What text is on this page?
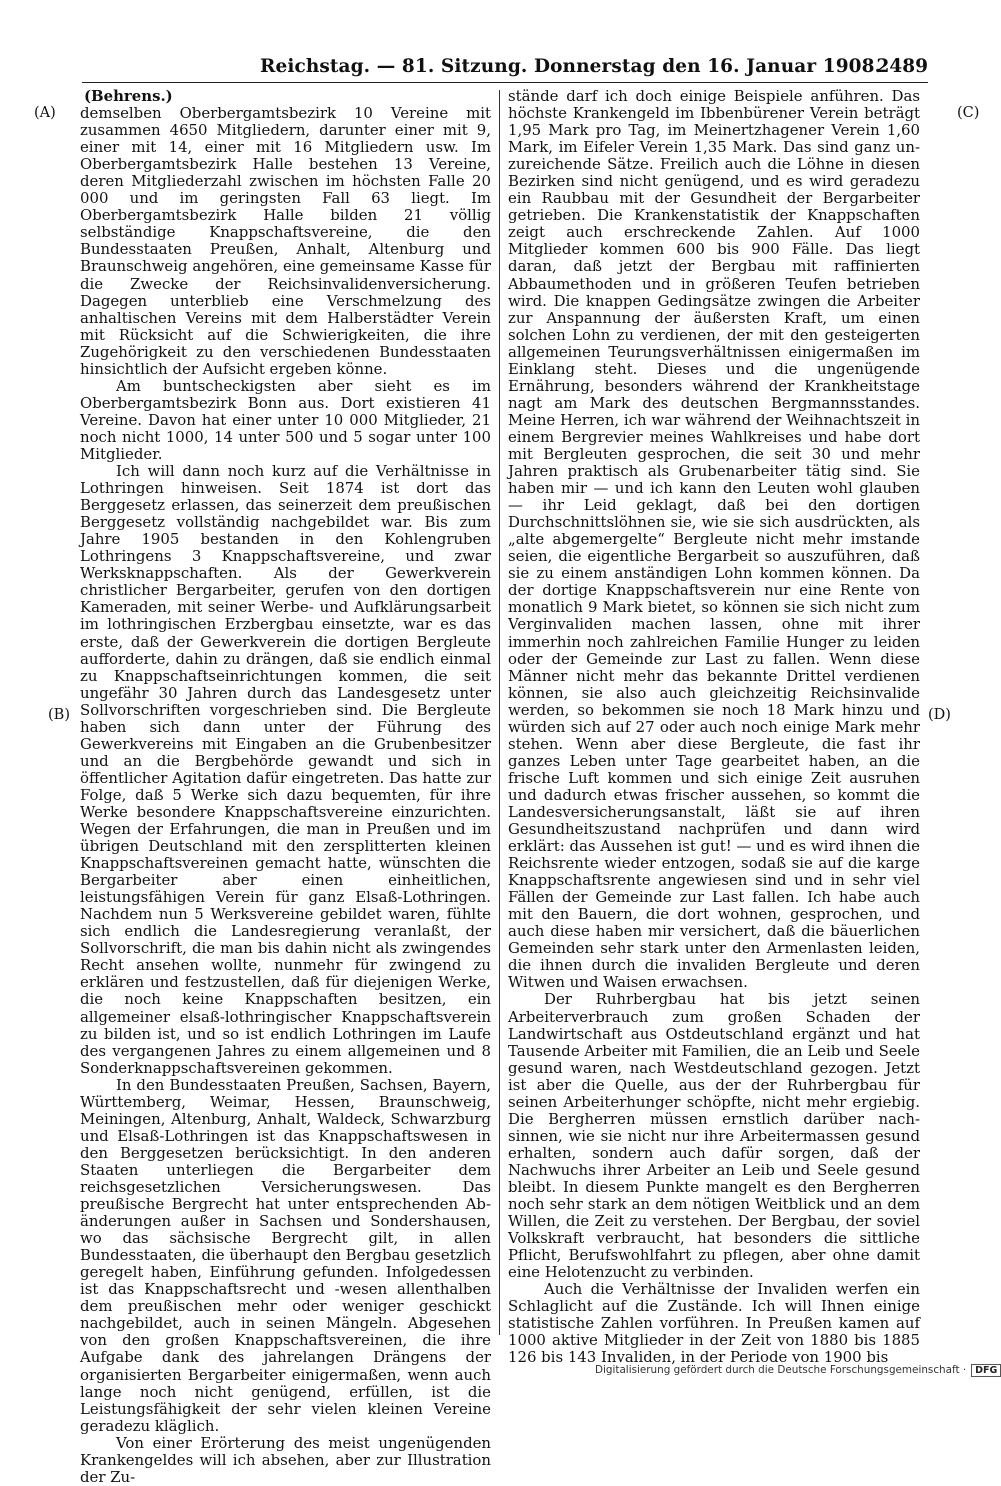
Reichstag. — 81. Sitzung. Donnerstag den 16. Januar 1908.
2489
(A)
(B)
(C)
(D)

(Behrens.)

demselben Oberbergamtsbezirk 10 Vereine mit zusammen 4650 Mitgliedern, darunter einer mit 9, einer mit 14, einer mit 16 Mitgliedern usw. Im Oberbergamtsbezirk Halle bestehen 13 Vereine, deren Mitgliederzahl zwischen im höchsten Falle 20 000 und im geringsten Fall 63 liegt. Im Oberbergamtsbezirk Halle bilden 21 völlig selbständige Knappschaftsvereine, die den Bundesstaaten Preußen, Anhalt, Altenburg und Braunschweig angehören, eine gemeinsame Kasse für die Zwecke der Reichsinvalidenversicherung. Dagegen unterblieb eine Verschmelzung des anhaltischen Vereins mit dem Halberstädter Verein mit Rücksicht auf die Schwierigkeiten, die ihre Zugehörigkeit zu den verschiedenen Bundesstaaten hinsichtlich der Aufsicht ergeben könne.

Am buntscheckigsten aber sieht es im Oberbergamtsbezirk Bonn aus. Dort existieren 41 Vereine. Davon hat einer unter 10 000 Mitglieder, 21 noch nicht 1000, 14 unter 500 und 5 sogar unter 100 Mitglieder.

Ich will dann noch kurz auf die Verhältnisse in Lothringen hinweisen. Seit 1874 ist dort das Berggesetz erlassen, das seinerzeit dem preußischen Berggesetz vollständig nachgebildet war. Bis zum Jahre 1905 bestanden in den Kohlengruben Lothringens 3 Knappschaftsvereine, und zwar Werksknappschaften. Als der Gewerkverein christlicher Bergarbeiter, gerufen von den dortigen Kameraden, mit seiner Werbe- und Aufklärungsarbeit im lothringischen Erzbergbau einsetzte, war es das erste, daß der Gewerkverein die dortigen Bergleute aufforderte, dahin zu drängen, daß sie endlich einmal zu Knappschaftseinrichtungen kommen, die seit ungefähr 30 Jahren durch das Landesgesetz unter Sollvorschriften vorgeschrieben sind. Die Bergleute haben sich dann unter der Führung des Gewerkvereins mit Eingaben an die Grubenbesitzer und an die Bergbehörde gewandt und sich in öffentlicher Agitation dafür eingetreten. Das hatte zur Folge, daß 5 Werke sich dazu bequemten, für ihre Werke besondere Knappschaftsvereine einzurichten. Wegen der Erfahrungen, die man in Preußen und im übrigen Deutschland mit den zersplitterten kleinen Knappschaftsvereinen gemacht hatte, wünschten die Bergarbeiter aber einen einheitlichen, leistungsfähigen Verein für ganz Elsaß-Lothringen. Nachdem nun 5 Werksvereine gebildet waren, fühlte sich endlich die Landesregierung veranlaßt, der Sollvorschrift, die man bis dahin nicht als zwingendes Recht ansehen wollte, nunmehr für zwingend zu erklären und festzustellen, daß für diejenigen Werke, die noch keine Knappschaften besitzen, ein allgemeiner elsaß-lothringischer Knappschaftsverein zu bilden ist, und so ist endlich Lothringen im Laufe des vergangenen Jahres zu einem allgemeinen und 8 Sonderknappschaftsvereinen gekommen.

In den Bundesstaaten Preußen, Sachsen, Bayern, Württemberg, Weimar, Hessen, Braunschweig, Meiningen, Altenburg, Anhalt, Waldeck, Schwarzburg und Elsaß-Lothringen ist das Knappschaftswesen in den Berggesetzen berücksichtigt. In den anderen Staaten unterliegen die Bergarbeiter dem reichsgesetzlichen Versicherungswesen. Das preußische Bergrecht hat unter entsprechenden Abänderungen außer in Sachsen und Sondershausen, wo das sächsische Bergrecht gilt, in allen Bundesstaaten, die überhaupt den Bergbau gesetzlich geregelt haben, Einführung gefunden. Infolgedessen ist das Knappschaftsrecht und -wesen allenthalben dem preußischen mehr oder weniger geschickt nachgebildet, auch in seinen Mängeln. Abgesehen von den großen Knappschaftsvereinen, die ihre Aufgabe dank des jahrelangen Drängens der organisierten Bergarbeiter einigermaßen, wenn auch lange noch nicht genügend, erfüllen, ist die Leistungsfähigkeit der sehr vielen kleinen Vereine geradezu kläglich.

Von einer Erörterung des meist ungenügenden Krankengeldes will ich absehen, aber zur Illustration der Zu-

stände darf ich doch einige Beispiele anführen. Das höchste Krankengeld im Ibbenbürener Verein beträgt 1,95 Mark pro Tag, im Meinertzhagener Verein 1,60 Mark, im Eifeler Verein 1,35 Mark. Das sind ganz unzureichende Sätze. Freilich auch die Löhne in diesen Bezirken sind nicht genügend, und es wird geradezu ein Raubbau mit der Gesundheit der Bergarbeiter getrieben. Die Krankenstatistik der Knappschaften zeigt auch erschreckende Zahlen. Auf 1000 Mitglieder kommen 600 bis 900 Fälle. Das liegt daran, daß jetzt der Bergbau mit raffinierten Abbaumethoden und in größeren Teufen betrieben wird. Die knappen Gedingsätze zwingen die Arbeiter zur Anspannung der äußersten Kraft, um einen solchen Lohn zu verdienen, der mit den gesteigerten allgemeinen Teurungsverhältnissen einigermaßen im Einklang steht. Dieses und die ungenügende Ernährung, besonders während der Krankheitstage nagt am Mark des deutschen Bergmannsstandes. Meine Herren, ich war während der Weihnachtszeit in einem Bergrevier meines Wahlkreises und habe dort mit Bergleuten gesprochen, die seit 30 und mehr Jahren praktisch als Grubenarbeiter tätig sind. Sie haben mir — und ich kann den Leuten wohl glauben — ihr Leid geklagt, daß bei den dortigen Durchschnittslöhnen sie, wie sie sich ausdrückten, als „alte abgemergelte“ Bergleute nicht mehr imstande seien, die eigentliche Bergarbeit so auszuführen, daß sie zu einem anständigen Lohn kommen können. Da der dortige Knappschaftsverein nur eine Rente von monatlich 9 Mark bietet, so können sie sich nicht zum Verginvaliden machen lassen, ohne mit ihrer immerhin noch zahlreichen Familie Hunger zu leiden oder der Gemeinde zur Last zu fallen. Wenn diese Männer nicht mehr das bekannte Drittel verdienen können, sie also auch gleichzeitig Reichsinvalide werden, so bekommen sie noch 18 Mark hinzu und würden sich auf 27 oder auch noch einige Mark mehr stehen. Wenn aber diese Bergleute, die fast ihr ganzes Leben unter Tage gearbeitet haben, an die frische Luft kommen und sich einige Zeit ausruhen und dadurch etwas frischer aussehen, so kommt die Landesversicherungsanstalt, läßt sie auf ihren Gesundheitszustand nachprüfen und dann wird erklärt: das Aussehen ist gut! — und es wird ihnen die Reichsrente wieder entzogen, sodaß sie auf die karge Knappschaftsrente angewiesen sind und in sehr viel Fällen der Gemeinde zur Last fallen. Ich habe auch mit den Bauern, die dort wohnen, gesprochen, und auch diese haben mir versichert, daß die bäuerlichen Gemeinden sehr stark unter den Armenlasten leiden, die ihnen durch die invaliden Bergleute und deren Witwen und Waisen erwachsen.

Der Ruhrbergbau hat bis jetzt seinen Arbeiterverbrauch zum großen Schaden der Landwirtschaft aus Ostdeutschland ergänzt und hat Tausende Arbeiter mit Familien, die an Leib und Seele gesund waren, nach Westdeutschland gezogen. Jetzt ist aber die Quelle, aus der der Ruhrbergbau für seinen Arbeiterhunger schöpfte, nicht mehr ergiebig. Die Bergherren müssen ernstlich darüber nachsinnen, wie sie nicht nur ihre Arbeitermassen gesund erhalten, sondern auch dafür sorgen, daß der Nachwuchs ihrer Arbeiter an Leib und Seele gesund bleibt. In diesem Punkte mangelt es den Bergherren noch sehr stark an dem nötigen Weitblick und an dem Willen, die Zeit zu verstehen. Der Bergbau, der soviel Volkskraft verbraucht, hat besonders die sittliche Pflicht, Berufswohlfahrt zu pflegen, aber ohne damit eine Helotenzucht zu verbinden.

Auch die Verhältnisse der Invaliden werfen ein Schlaglicht auf die Zustände. Ich will Ihnen einige statistische Zahlen vorführen. In Preußen kamen auf 1000 aktive Mitglieder in der Zeit von 1880 bis 1885 126 bis 143 Invaliden, in der Periode von 1900 bis

Digitalisierung gefördert durch die Deutsche Forschungsgemeinschaft · DFG
